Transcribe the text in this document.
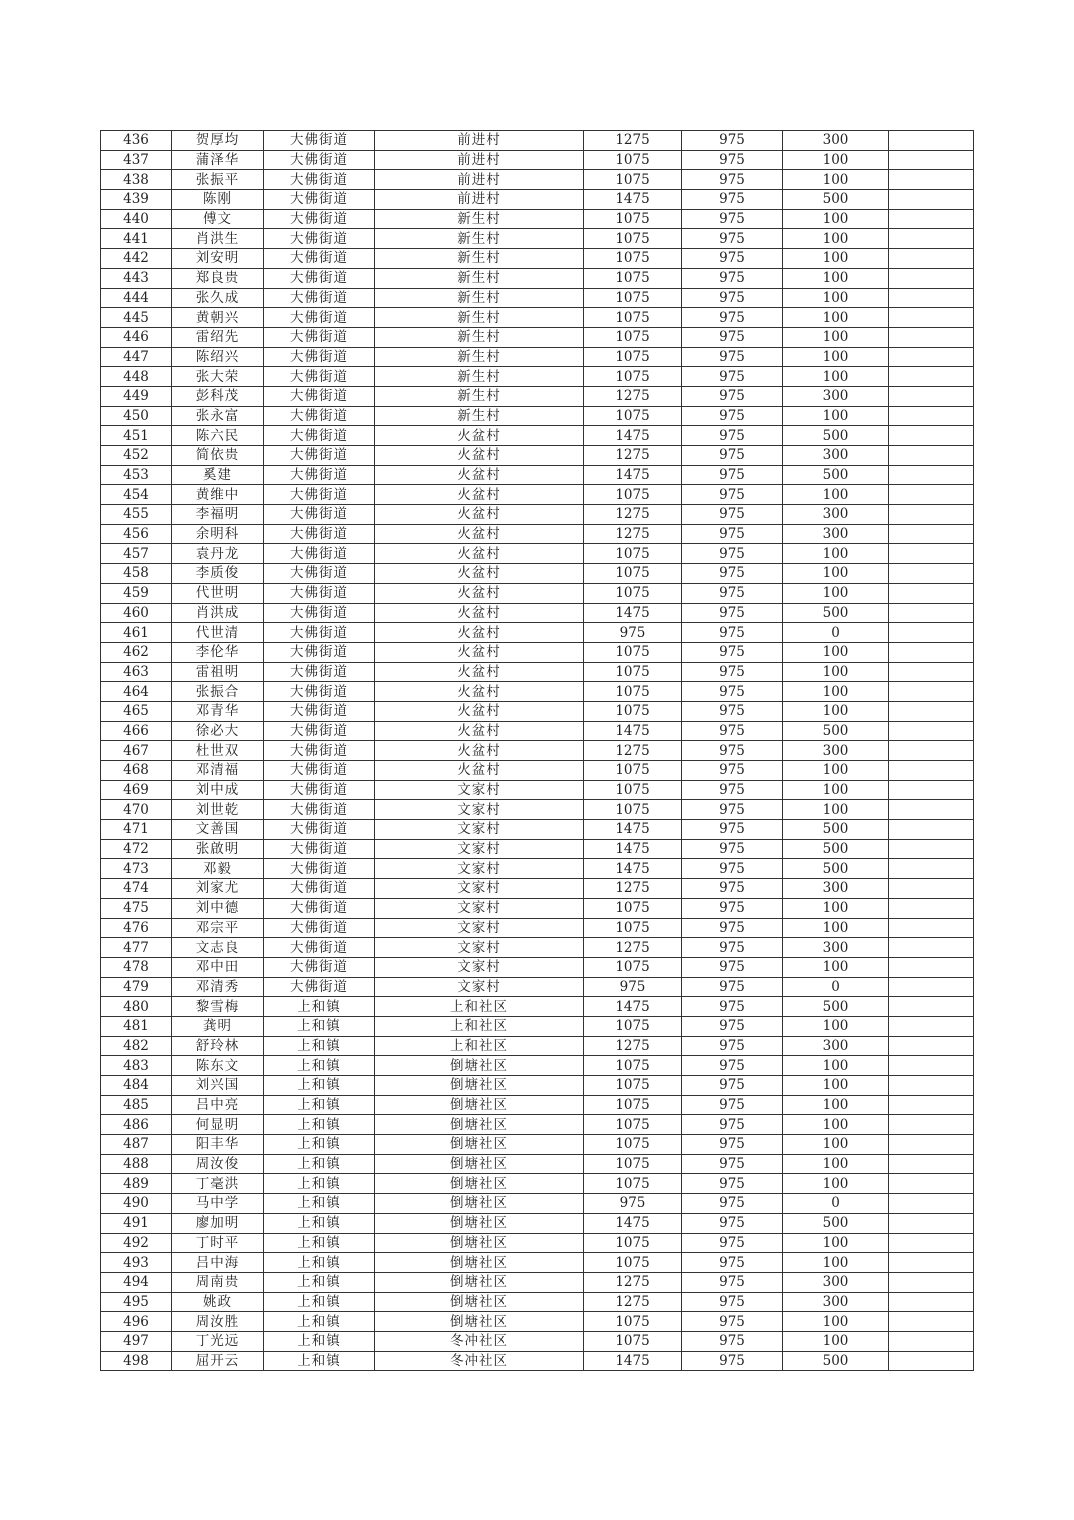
436	贺厚均	大佛街道	前进村	1275	975	300	
437	蒲泽华	大佛街道	前进村	1075	975	100	
438	张振平	大佛街道	前进村	1075	975	100	
439	陈刚	大佛街道	前进村	1475	975	500	
440	傅文	大佛街道	新生村	1075	975	100	
441	肖洪生	大佛街道	新生村	1075	975	100	
442	刘安明	大佛街道	新生村	1075	975	100	
443	郑良贵	大佛街道	新生村	1075	975	100	
444	张久成	大佛街道	新生村	1075	975	100	
445	黄朝兴	大佛街道	新生村	1075	975	100	
446	雷绍先	大佛街道	新生村	1075	975	100	
447	陈绍兴	大佛街道	新生村	1075	975	100	
448	张大荣	大佛街道	新生村	1075	975	100	
449	彭科茂	大佛街道	新生村	1275	975	300	
450	张永富	大佛街道	新生村	1075	975	100	
451	陈六民	大佛街道	火盆村	1475	975	500	
452	简依贵	大佛街道	火盆村	1275	975	300	
453	奚建	大佛街道	火盆村	1475	975	500	
454	黄维中	大佛街道	火盆村	1075	975	100	
455	李福明	大佛街道	火盆村	1275	975	300	
456	余明科	大佛街道	火盆村	1275	975	300	
457	袁丹龙	大佛街道	火盆村	1075	975	100	
458	李质俊	大佛街道	火盆村	1075	975	100	
459	代世明	大佛街道	火盆村	1075	975	100	
460	肖洪成	大佛街道	火盆村	1475	975	500	
461	代世清	大佛街道	火盆村	975	975	0	
462	李伦华	大佛街道	火盆村	1075	975	100	
463	雷祖明	大佛街道	火盆村	1075	975	100	
464	张振合	大佛街道	火盆村	1075	975	100	
465	邓青华	大佛街道	火盆村	1075	975	100	
466	徐必大	大佛街道	火盆村	1475	975	500	
467	杜世双	大佛街道	火盆村	1275	975	300	
468	邓清福	大佛街道	火盆村	1075	975	100	
469	刘中成	大佛街道	文家村	1075	975	100	
470	刘世乾	大佛街道	文家村	1075	975	100	
471	文善国	大佛街道	文家村	1475	975	500	
472	张啟明	大佛街道	文家村	1475	975	500	
473	邓毅	大佛街道	文家村	1475	975	500	
474	刘家尤	大佛街道	文家村	1275	975	300	
475	刘中德	大佛街道	文家村	1075	975	100	
476	邓宗平	大佛街道	文家村	1075	975	100	
477	文志良	大佛街道	文家村	1275	975	300	
478	邓中田	大佛街道	文家村	1075	975	100	
479	邓清秀	大佛街道	文家村	975	975	0	
480	黎雪梅	上和镇	上和社区	1475	975	500	
481	龚明	上和镇	上和社区	1075	975	100	
482	舒玲林	上和镇	上和社区	1275	975	300	
483	陈东文	上和镇	倒塘社区	1075	975	100	
484	刘兴国	上和镇	倒塘社区	1075	975	100	
485	吕中亮	上和镇	倒塘社区	1075	975	100	
486	何显明	上和镇	倒塘社区	1075	975	100	
487	阳丰华	上和镇	倒塘社区	1075	975	100	
488	周汝俊	上和镇	倒塘社区	1075	975	100	
489	丁毫洪	上和镇	倒塘社区	1075	975	100	
490	马中学	上和镇	倒塘社区	975	975	0	
491	廖加明	上和镇	倒塘社区	1475	975	500	
492	丁时平	上和镇	倒塘社区	1075	975	100	
493	吕中海	上和镇	倒塘社区	1075	975	100	
494	周南贵	上和镇	倒塘社区	1275	975	300	
495	姚政	上和镇	倒塘社区	1275	975	300	
496	周汝胜	上和镇	倒塘社区	1075	975	100	
497	丁光远	上和镇	冬冲社区	1075	975	100	
498	屈开云	上和镇	冬冲社区	1475	975	500	
